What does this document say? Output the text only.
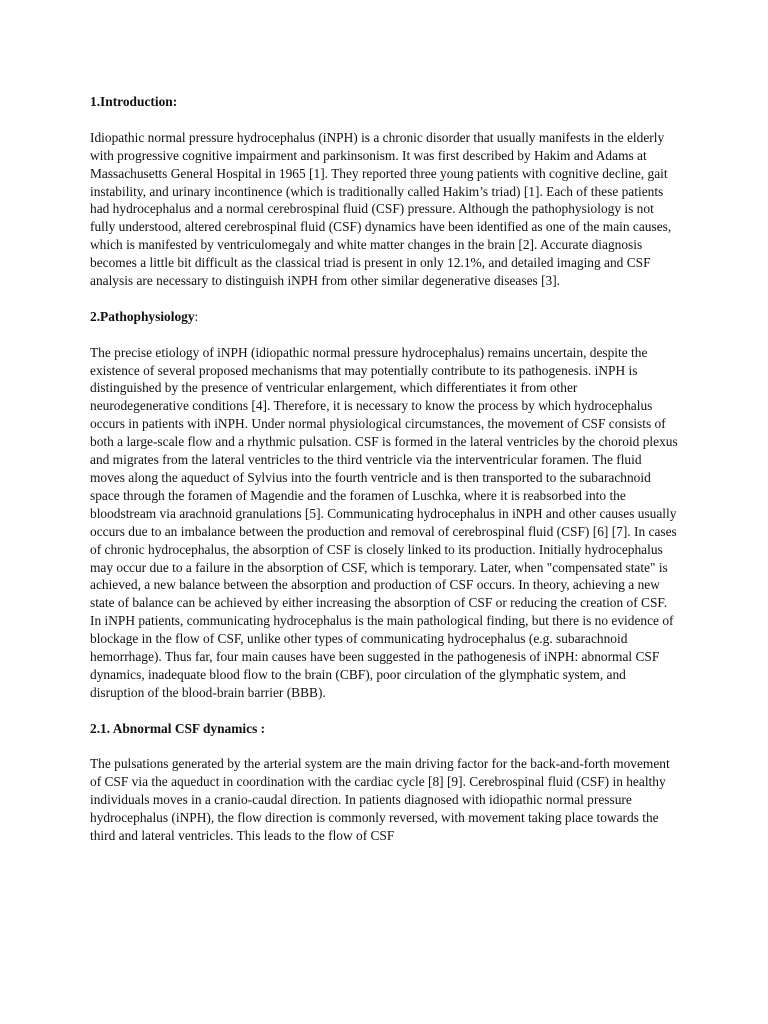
1.Introduction:

Idiopathic normal pressure hydrocephalus (iNPH) is a chronic disorder that usually manifests in the elderly with progressive cognitive impairment and parkinsonism. It was first described by Hakim and Adams at Massachusetts General Hospital in 1965 [1]. They reported three young patients with cognitive decline, gait instability, and urinary incontinence (which is traditionally called Hakim’s triad) [1]. Each of these patients had hydrocephalus and a normal cerebrospinal fluid (CSF) pressure. Although the pathophysiology is not fully understood, altered cerebrospinal fluid (CSF) dynamics have been identified as one of the main causes, which is manifested by ventriculomegaly and white matter changes in the brain [2]. Accurate diagnosis becomes a little bit difficult as the classical triad is present in only 12.1%, and detailed imaging and CSF analysis are necessary to distinguish iNPH from other similar degenerative diseases [3].

2.Pathophysiology:

The precise etiology of iNPH (idiopathic normal pressure hydrocephalus) remains uncertain, despite the existence of several proposed mechanisms that may potentially contribute to its pathogenesis. iNPH is distinguished by the presence of ventricular enlargement, which differentiates it from other neurodegenerative conditions [4]. Therefore, it is necessary to know the process by which hydrocephalus occurs in patients with iNPH. Under normal physiological circumstances, the movement of CSF consists of both a large-scale flow and a rhythmic pulsation. CSF is formed in the lateral ventricles by the choroid plexus and migrates from the lateral ventricles to the third ventricle via the interventricular foramen. The fluid moves along the aqueduct of Sylvius into the fourth ventricle and is then transported to the subarachnoid space through the foramen of Magendie and the foramen of Luschka, where it is reabsorbed into the bloodstream via arachnoid granulations [5]. Communicating hydrocephalus in iNPH and other causes usually occurs due to an imbalance between the production and removal of cerebrospinal fluid (CSF) [6] [7]. In cases of chronic hydrocephalus, the absorption of CSF is closely linked to its production. Initially hydrocephalus may occur due to a failure in the absorption of CSF, which is temporary. Later, when "compensated state" is achieved, a new balance between the absorption and production of CSF occurs. In theory, achieving a new state of balance can be achieved by either increasing the absorption of CSF or reducing the creation of CSF. In iNPH patients, communicating hydrocephalus is the main pathological finding, but there is no evidence of blockage in the flow of CSF, unlike other types of communicating hydrocephalus (e.g. subarachnoid hemorrhage). Thus far, four main causes have been suggested in the pathogenesis of iNPH: abnormal CSF dynamics, inadequate blood flow to the brain (CBF), poor circulation of the glymphatic system, and disruption of the blood-brain barrier (BBB).

2.1. Abnormal CSF dynamics :

The pulsations generated by the arterial system are the main driving factor for the back-and-forth movement of CSF via the aqueduct in coordination with the cardiac cycle [8] [9]. Cerebrospinal fluid (CSF) in healthy individuals moves in a cranio-caudal direction. In patients diagnosed with idiopathic normal pressure hydrocephalus (iNPH), the flow direction is commonly reversed, with movement taking place towards the third and lateral ventricles. This leads to the flow of CSF
